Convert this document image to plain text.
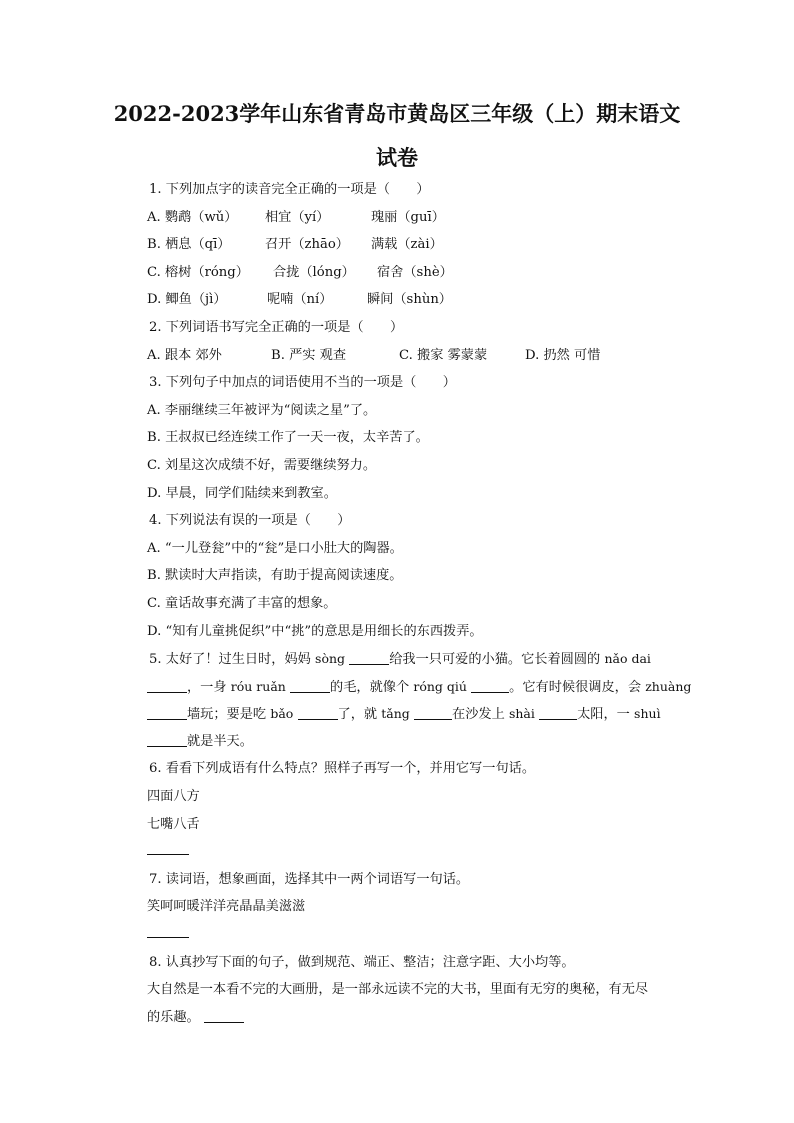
2022-2023学年山东省青岛市黄岛区三年级（上）期末语文
试卷
1. 下列加点字的读音完全正确的一项是（　　）
A. 鹦鹉（wǔ） 相宜（yí）	瑰丽（guī）
B. 栖息（qī）	召开（zhāo） 满载（zài）
C. 榕树（róng） 合拢（lóng） 宿舍（shè）
D. 鲫鱼（jì）	呢喃（ní）	瞬间（shùn）
2. 下列词语书写完全正确的一项是（　　）
A. 跟本 郊外	B. 严实 观查	C. 搬家 雾蒙蒙	D. 扔然 可惜
3. 下列句子中加点的词语使用不当的一项是（　　）
A. 李丽继续三年被评为“阅读之星”了。
B. 王叔叔已经连续工作了一天一夜，太辛苦了。
C. 刘星这次成绩不好，需要继续努力。
D. 早晨，同学们陆续来到教室。
4. 下列说法有误的一项是（　　）
A. “一儿登瓮”中的“瓮”是口小肚大的陶器。
B. 默读时大声指读，有助于提高阅读速度。
C. 童话故事充满了丰富的想象。
D. “知有儿童挑促织”中“挑”的意思是用细长的东西拨弄。
5. 太好了！过生日时，妈妈 sòng	给我一只可爱的小猫。它长着圆圆的 nǎo dai
，一身 róu ruǎn	的毛，就像个 róng qiú	。它有时候很调皮，会 zhuàng
墙玩；要是吃 bǎo	了，就 tǎng	在沙发上 shài	太阳，一 shuì
就是半天。
6. 看看下列成语有什么特点？照样子再写一个，并用它写一句话。
四面八方
七嘴八舌
7. 读词语，想象画面，选择其中一两个词语写一句话。
笑呵呵暖洋洋亮晶晶美滋滋
8. 认真抄写下面的句子，做到规范、端正、整洁；注意字距、大小均等。
大自然是一本看不完的大画册，是一部永远读不完的大书，里面有无穷的奥秘，有无尽
的乐趣。
